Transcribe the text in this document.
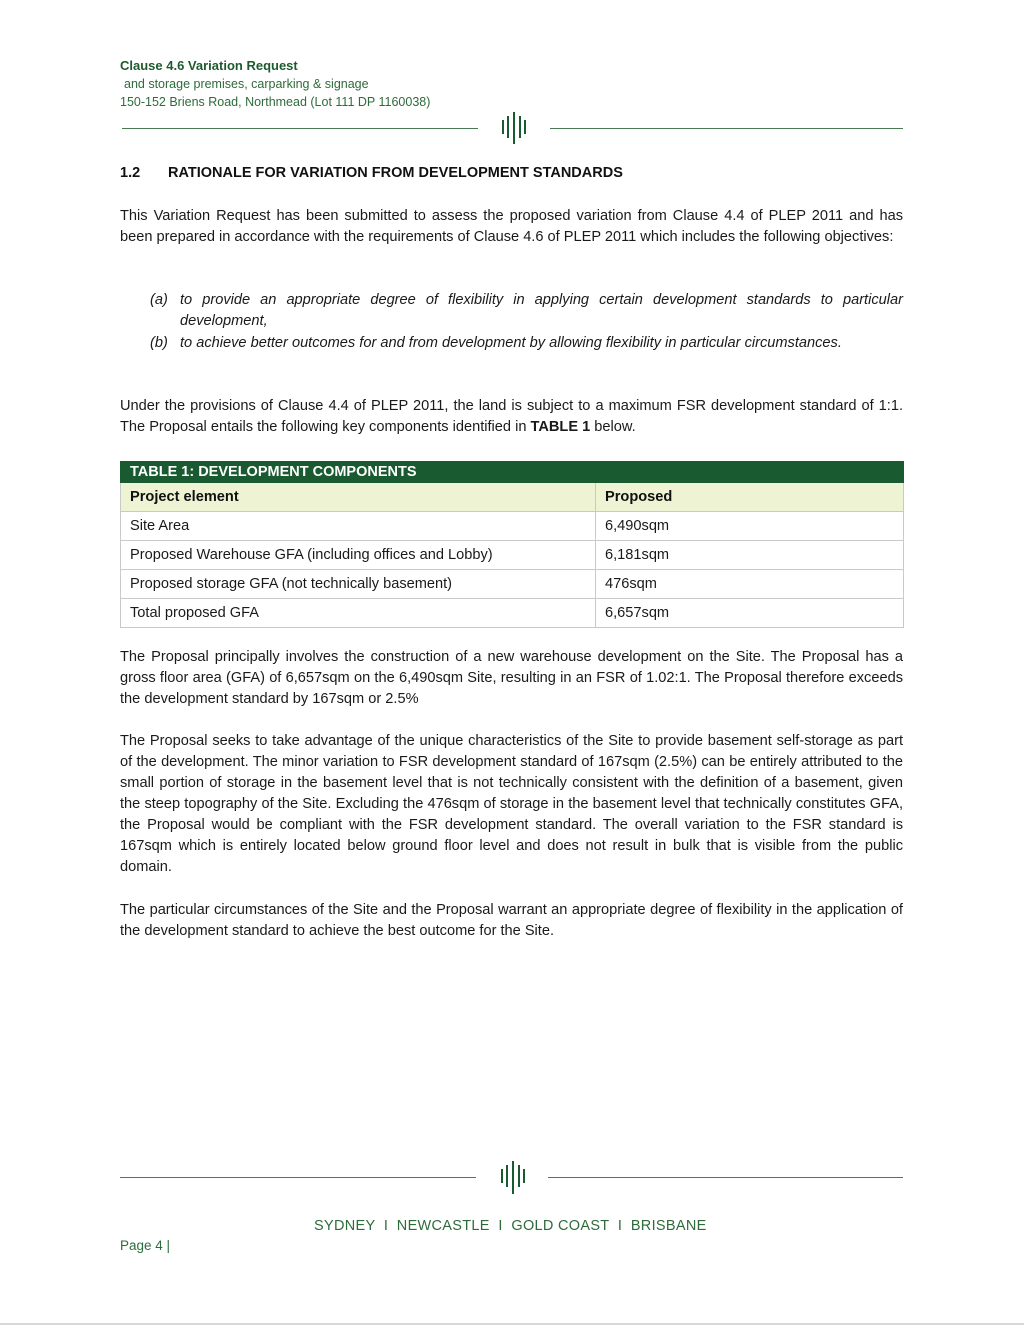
Clause 4.6 Variation Request
and storage premises, carparking & signage
150-152 Briens Road, Northmead (Lot 111 DP 1160038)
1.2 RATIONALE FOR VARIATION FROM DEVELOPMENT STANDARDS
This Variation Request has been submitted to assess the proposed variation from Clause 4.4 of PLEP 2011 and has been prepared in accordance with the requirements of Clause 4.6 of PLEP 2011 which includes the following objectives:
(a) to provide an appropriate degree of flexibility in applying certain development standards to particular development,
(b) to achieve better outcomes for and from development by allowing flexibility in particular circumstances.
Under the provisions of Clause 4.4 of PLEP 2011, the land is subject to a maximum FSR development standard of 1:1. The Proposal entails the following key components identified in TABLE 1 below.
TABLE 1: DEVELOPMENT COMPONENTS	
Project element	Proposed
Site Area	6,490sqm
Proposed Warehouse GFA (including offices and Lobby)	6,181sqm
Proposed storage GFA (not technically basement)	476sqm
Total proposed GFA	6,657sqm
The Proposal principally involves the construction of a new warehouse development on the Site. The Proposal has a gross floor area (GFA) of 6,657sqm on the 6,490sqm Site, resulting in an FSR of 1.02:1. The Proposal therefore exceeds the development standard by 167sqm or 2.5%
The Proposal seeks to take advantage of the unique characteristics of the Site to provide basement self-storage as part of the development. The minor variation to FSR development standard of 167sqm (2.5%) can be entirely attributed to the small portion of storage in the basement level that is not technically consistent with the definition of a basement, given the steep topography of the Site. Excluding the 476sqm of storage in the basement level that technically constitutes GFA, the Proposal would be compliant with the FSR development standard. The overall variation to the FSR standard is 167sqm which is entirely located below ground floor level and does not result in bulk that is visible from the public domain.
The particular circumstances of the Site and the Proposal warrant an appropriate degree of flexibility in the application of the development standard to achieve the best outcome for the Site.
SYDNEY  I  NEWCASTLE  I  GOLD COAST  I  BRISBANE
Page 4 |
